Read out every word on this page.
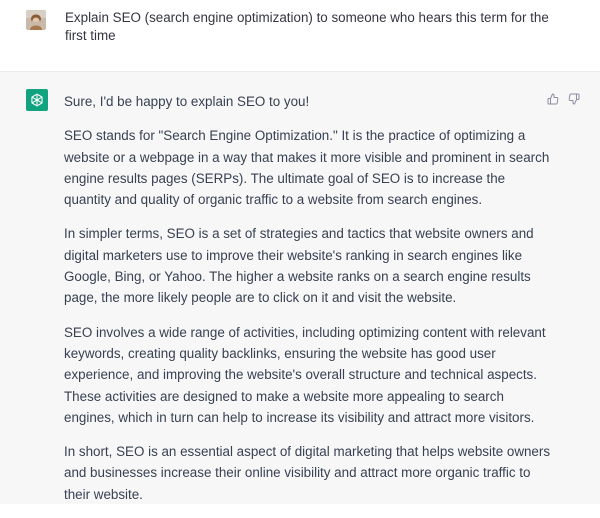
Explain SEO (search engine optimization) to someone who hears this term for the first time

Sure, I'd be happy to explain SEO to you!

SEO stands for "Search Engine Optimization." It is the practice of optimizing a website or a webpage in a way that makes it more visible and prominent in search engine results pages (SERPs). The ultimate goal of SEO is to increase the quantity and quality of organic traffic to a website from search engines.

In simpler terms, SEO is a set of strategies and tactics that website owners and digital marketers use to improve their website's ranking in search engines like Google, Bing, or Yahoo. The higher a website ranks on a search engine results page, the more likely people are to click on it and visit the website.

SEO involves a wide range of activities, including optimizing content with relevant keywords, creating quality backlinks, ensuring the website has good user experience, and improving the website's overall structure and technical aspects. These activities are designed to make a website more appealing to search engines, which in turn can help to increase its visibility and attract more visitors.

In short, SEO is an essential aspect of digital marketing that helps website owners and businesses increase their online visibility and attract more organic traffic to their website.
